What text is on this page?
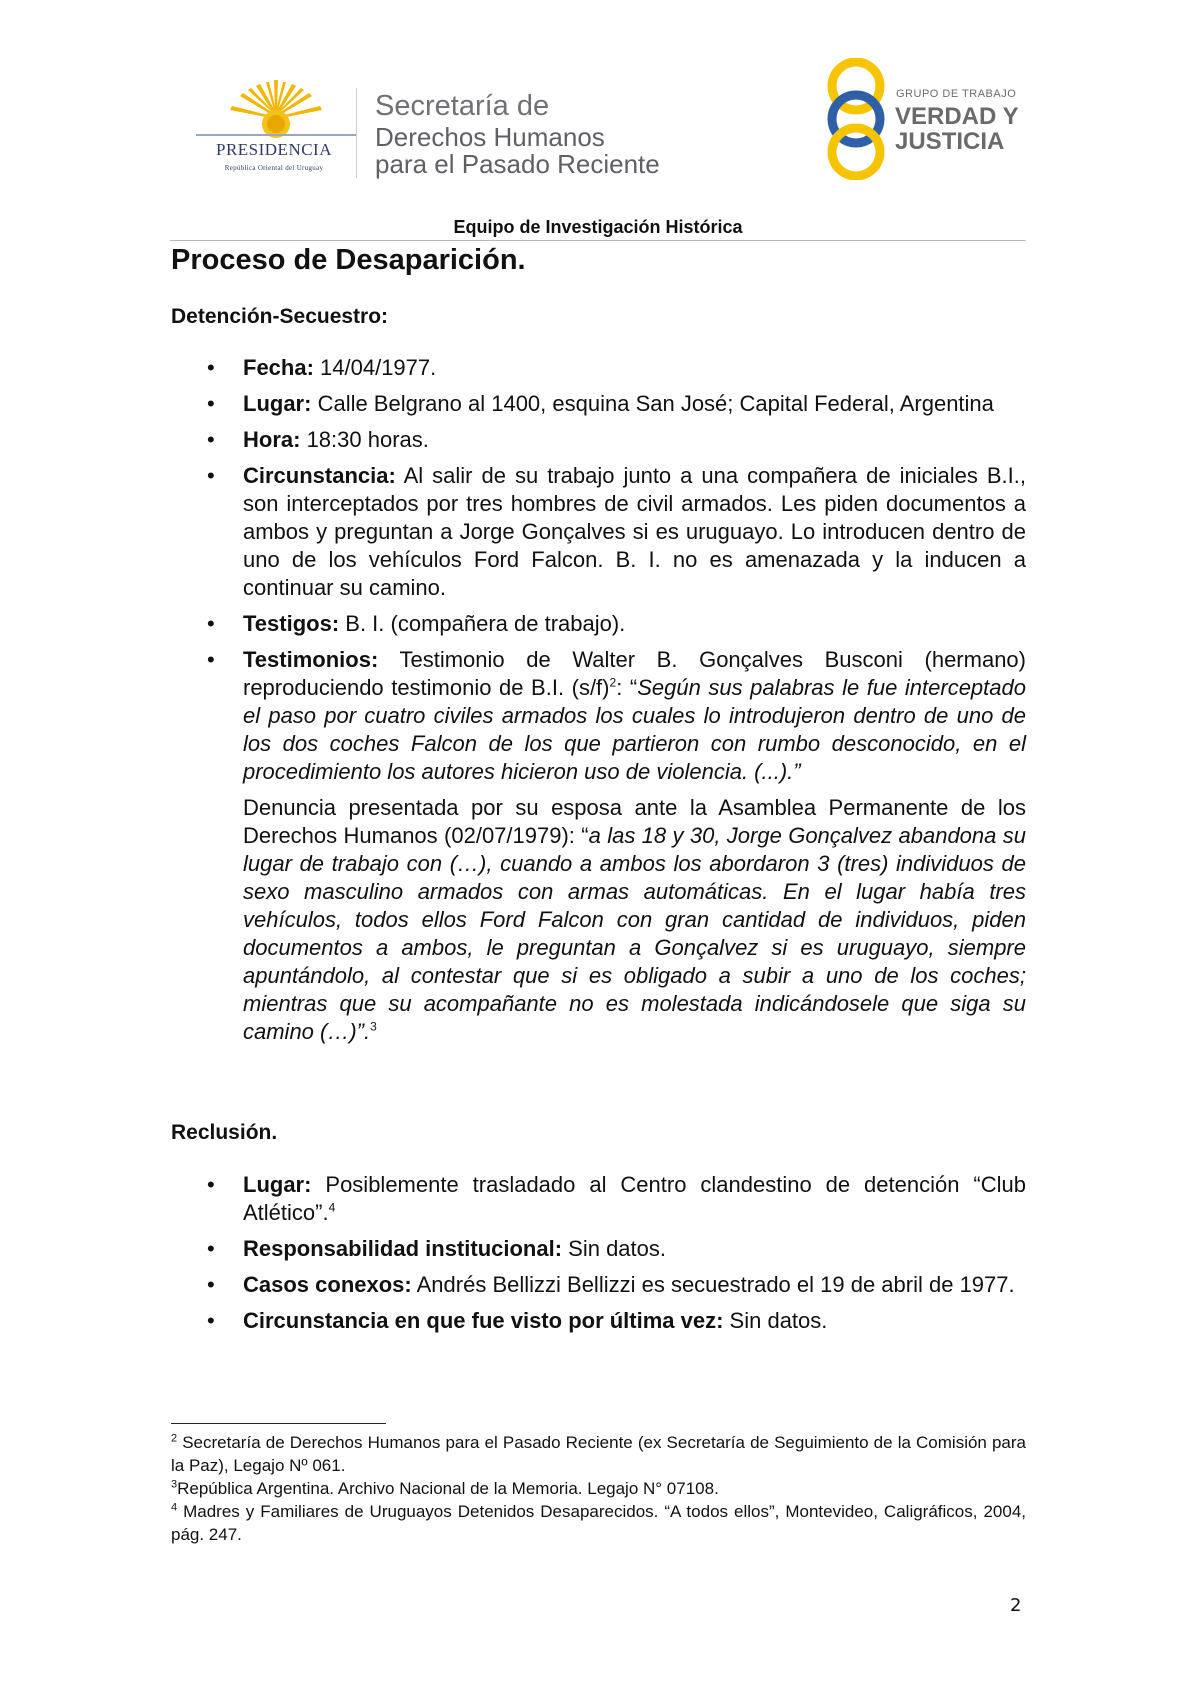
PRESIDENCIA
República Oriental del Uruguay
Secretaría de
Derechos Humanos
para el Pasado Reciente
GRUPO DE TRABAJO
VERDAD Y
JUSTICIA
Equipo de Investigación Histórica
Proceso de Desaparición.
Detención-Secuestro:
• Fecha: 14/04/1977.
• Lugar: Calle Belgrano al 1400, esquina San José; Capital Federal, Argentina
• Hora: 18:30 horas.
• Circunstancia: Al salir de su trabajo junto a una compañera de iniciales B.I., son interceptados por tres hombres de civil armados. Les piden documentos a ambos y preguntan a Jorge Gonçalves si es uruguayo. Lo introducen dentro de uno de los vehículos Ford Falcon. B. I. no es amenazada y la inducen a continuar su camino.
• Testigos: B. I. (compañera de trabajo).
• Testimonios: Testimonio de Walter B. Gonçalves Busconi (hermano) reproduciendo testimonio de B.I. $(s/f)^2$: “Según sus palabras le fue interceptado el paso por cuatro civiles armados los cuales lo introdujeron dentro de uno de los dos coches Falcon de los que partieron con rumbo desconocido, en el procedimiento los autores hicieron uso de violencia. (...).”
Denuncia presentada por su esposa ante la Asamblea Permanente de los Derechos Humanos (02/07/1979): “a las 18 y 30, Jorge Gonçalvez abandona su lugar de trabajo con (…), cuando a ambos los abordaron 3 (tres) individuos de sexo masculino armados con armas automáticas. En el lugar había tres vehículos, todos ellos Ford Falcon con gran cantidad de individuos, piden documentos a ambos, le preguntan a Gonçalvez si es uruguayo, siempre apuntándolo, al contestar que si es obligado a subir a uno de los coches; mientras que su acompañante no es molestada indicándosele que siga su camino (…)”.$^3$
Reclusión.
• Lugar: Posiblemente trasladado al Centro clandestino de detención “Club Atlético”.$^4$
• Responsabilidad institucional: Sin datos.
• Casos conexos: Andrés Bellizzi Bellizzi es secuestrado el 19 de abril de 1977.
• Circunstancia en que fue visto por última vez: Sin datos.

$^2$ Secretaría de Derechos Humanos para el Pasado Reciente (ex Secretaría de Seguimiento de la Comisión para la Paz), Legajo Nº 061.

$^3$República Argentina. Archivo Nacional de la Memoria. Legajo N° 07108.

$^4$ Madres y Familiares de Uruguayos Detenidos Desaparecidos. “A todos ellos”, Montevideo, Caligráficos, 2004, pág. 247.

2
